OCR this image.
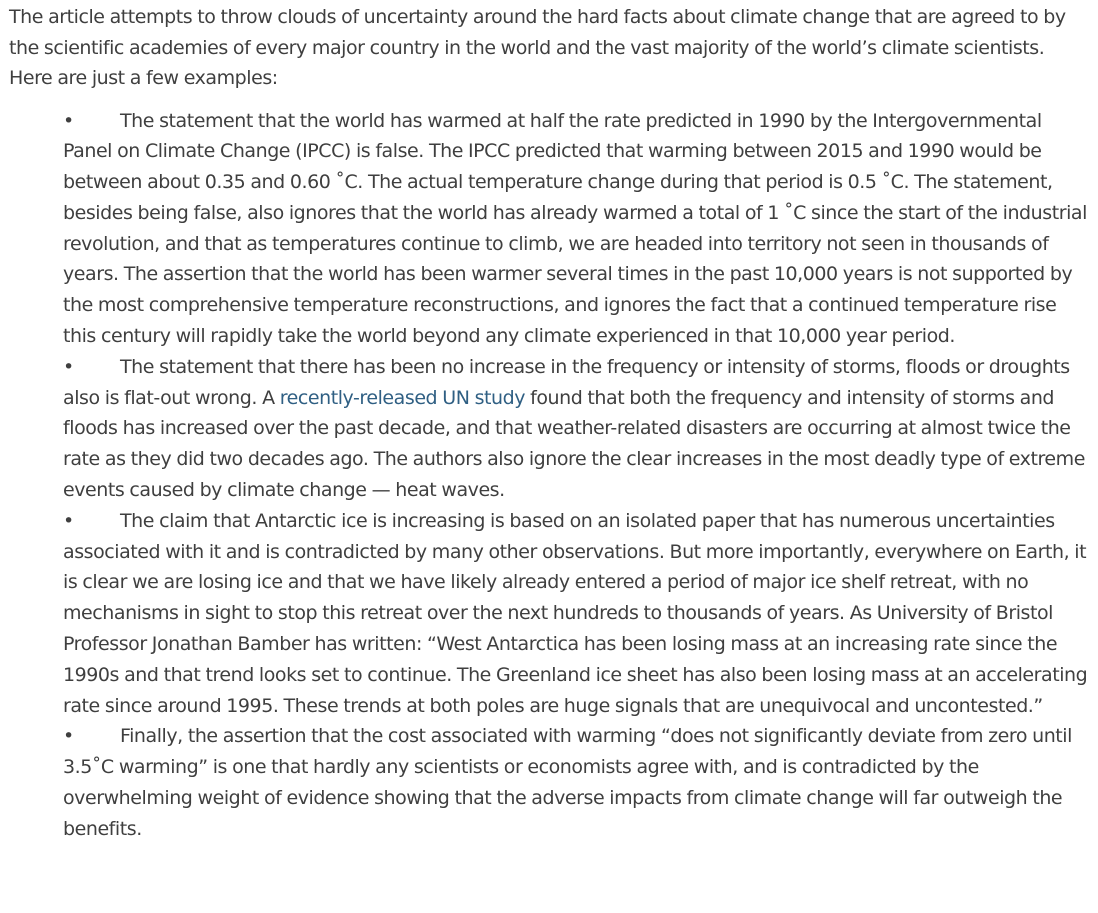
The article attempts to throw clouds of uncertainty around the hard facts about climate change that are agreed to by the scientific academies of every major country in the world and the vast majority of the world’s climate scientists. Here are just a few examples:

• The statement that the world has warmed at half the rate predicted in 1990 by the Intergovernmental Panel on Climate Change (IPCC) is false. The IPCC predicted that warming between 2015 and 1990 would be between about 0.35 and 0.60 ˚C. The actual temperature change during that period is 0.5 ˚C. The statement, besides being false, also ignores that the world has already warmed a total of 1 ˚C since the start of the industrial revolution, and that as temperatures continue to climb, we are headed into territory not seen in thousands of years. The assertion that the world has been warmer several times in the past 10,000 years is not supported by the most comprehensive temperature reconstructions, and ignores the fact that a continued temperature rise this century will rapidly take the world beyond any climate experienced in that 10,000 year period.
• The statement that there has been no increase in the frequency or intensity of storms, floods or droughts also is flat-out wrong. A recently-released UN study found that both the frequency and intensity of storms and floods has increased over the past decade, and that weather-related disasters are occurring at almost twice the rate as they did two decades ago. The authors also ignore the clear increases in the most deadly type of extreme events caused by climate change — heat waves.
• The claim that Antarctic ice is increasing is based on an isolated paper that has numerous uncertainties associated with it and is contradicted by many other observations. But more importantly, everywhere on Earth, it is clear we are losing ice and that we have likely already entered a period of major ice shelf retreat, with no mechanisms in sight to stop this retreat over the next hundreds to thousands of years. As University of Bristol Professor Jonathan Bamber has written: “West Antarctica has been losing mass at an increasing rate since the 1990s and that trend looks set to continue. The Greenland ice sheet has also been losing mass at an accelerating rate since around 1995. These trends at both poles are huge signals that are unequivocal and uncontested.”
• Finally, the assertion that the cost associated with warming “does not significantly deviate from zero until 3.5˚C warming” is one that hardly any scientists or economists agree with, and is contradicted by the overwhelming weight of evidence showing that the adverse impacts from climate change will far outweigh the benefits.
